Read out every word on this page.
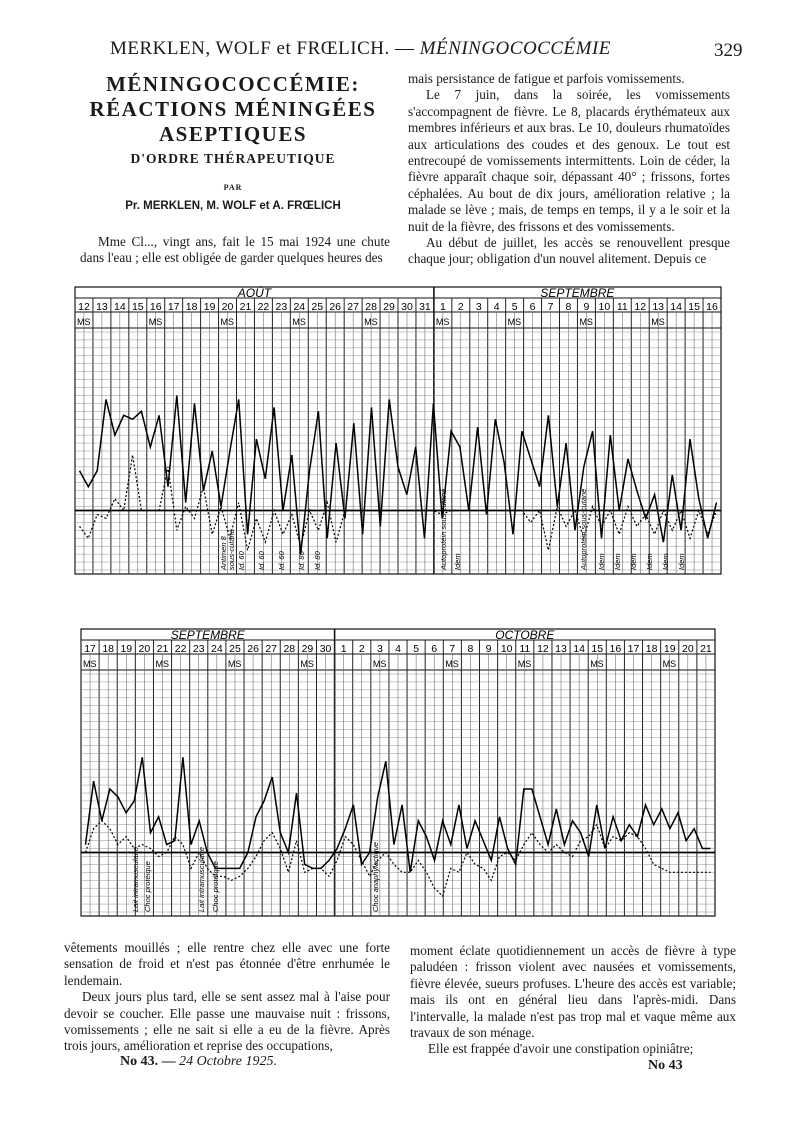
MERKLEN, WOLF et FRŒLICH. — MÉNINGOCOCCÉMIE	329
MÉNINGOCOCCÉMIE:
RÉACTIONS MÉNINGÉES
ASEPTIQUES
D'ORDRE THÉRAPEUTIQUE
PAR
Pr. MERKLEN, M. WOLF et A. FRŒLICH

Mme Cl..., vingt ans, fait le 15 mai 1924 une chute dans l'eau ; elle est obligée de garder quelques heures des

mais persistance de fatigue et parfois vomissements.

Le 7 juin, dans la soirée, les vomissements s'accompagnent de fièvre. Le 8, placards érythémateux aux membres inférieurs et aux bras. Le 10, douleurs rhumatoïdes aux articulations des coudes et des genoux. Le tout est entrecoupé de vomissements intermittents. Loin de céder, la fièvre apparaît chaque soir, dépassant 40° ; frissons, fortes céphalées. Au bout de dix jours, amélioration relative ; la malade se lève ; mais, de temps en temps, il y a le soir et la nuit de la fièvre, des frissons et des vomissements.

Au début de juillet, les accès se renouvellent presque chaque jour; obligation d'un nouvel alitement. Depuis ce

AOÛT	SEPTEMBRE
12 13 14 15 16 17 18 19 20 21 22 23 24 25 26 27 28 29 30 31 1 2 3 4 5 6 7 8 9 10 11 12 13 14 15 16
MS	MS	MS	MS	MS	MS	MS	MS	MS
Antimen 8 sous-cutané Id. 60 Id. 60 Id. 60 Id. 80 Id. 80	Autoprotéin sous-cutané Idem	Autoprotéin sous-cutané Idem Idem Idem Idem Idem Idem
SEPTEMBRE	OCTOBRE
17 18 19 20 21 22 23 24 25 26 27 28 29 30 1 2 3 4 5 6 7 8 9 10 11 12 13 14 15 16 17 18 19 20 21
MS	MS	MS	MS	MS	MS	MS	MS	MS
Lait intramusculaire Choc protéique	Lait intramusculaire Choc protéique	Choc anaphylactique

vêtements mouillés ; elle rentre chez elle avec une forte sensation de froid et n'est pas étonnée d'être enrhumée le lendemain.

Deux jours plus tard, elle se sent assez mal à l'aise pour devoir se coucher. Elle passe une mauvaise nuit : frissons, vomissements ; elle ne sait si elle a eu de la fièvre. Après trois jours, amélioration et reprise des occupations,

moment éclate quotidiennement un accès de fièvre à type paludéen : frisson violent avec nausées et vomissements, fièvre élevée, sueurs profuses. L'heure des accès est variable; mais ils ont en général lieu dans l'après-midi. Dans l'intervalle, la malade n'est pas trop mal et vaque même aux travaux de son ménage.

Elle est frappée d'avoir une constipation opiniâtre;

No 43. — 24 Octobre 1925.	No 43
